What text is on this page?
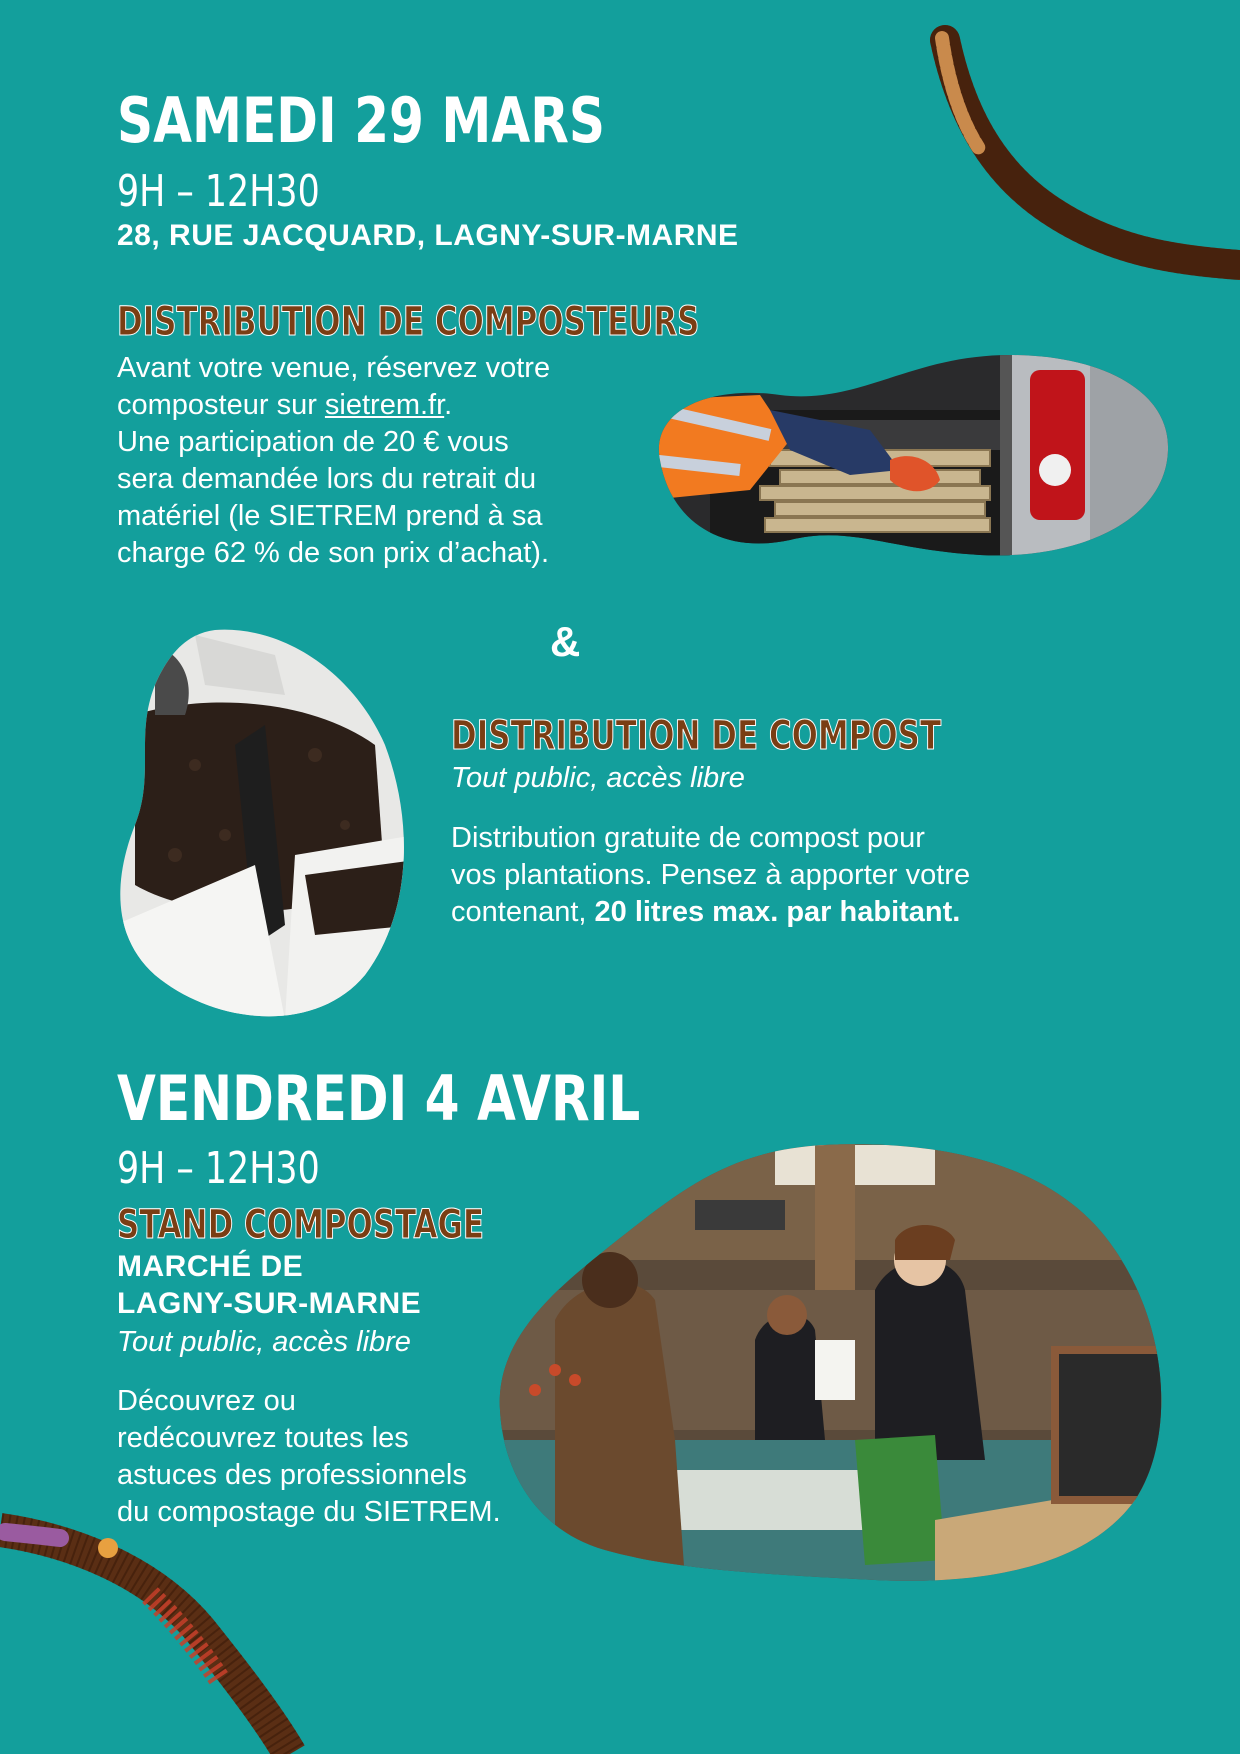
SAMEDI 29 MARS
9H – 12H30
28, RUE JACQUARD, LAGNY-SUR-MARNE
DISTRIBUTION DE COMPOSTEURS
Avant votre venue, réservez votre
composteur sur sietrem.fr.
Une participation de 20 € vous
sera demandée lors du retrait du
matériel (le SIETREM prend à sa
charge 62 % de son prix d’achat).
&
DISTRIBUTION DE COMPOST
Tout public, accès libre
Distribution gratuite de compost pour
vos plantations. Pensez à apporter votre
contenant, 20 litres max. par habitant.
VENDREDI 4 AVRIL
9H – 12H30
STAND COMPOSTAGE
MARCHÉ DE
LAGNY-SUR-MARNE
Tout public, accès libre
Découvrez ou
redécouvrez toutes les
astuces des professionnels
du compostage du SIETREM.
